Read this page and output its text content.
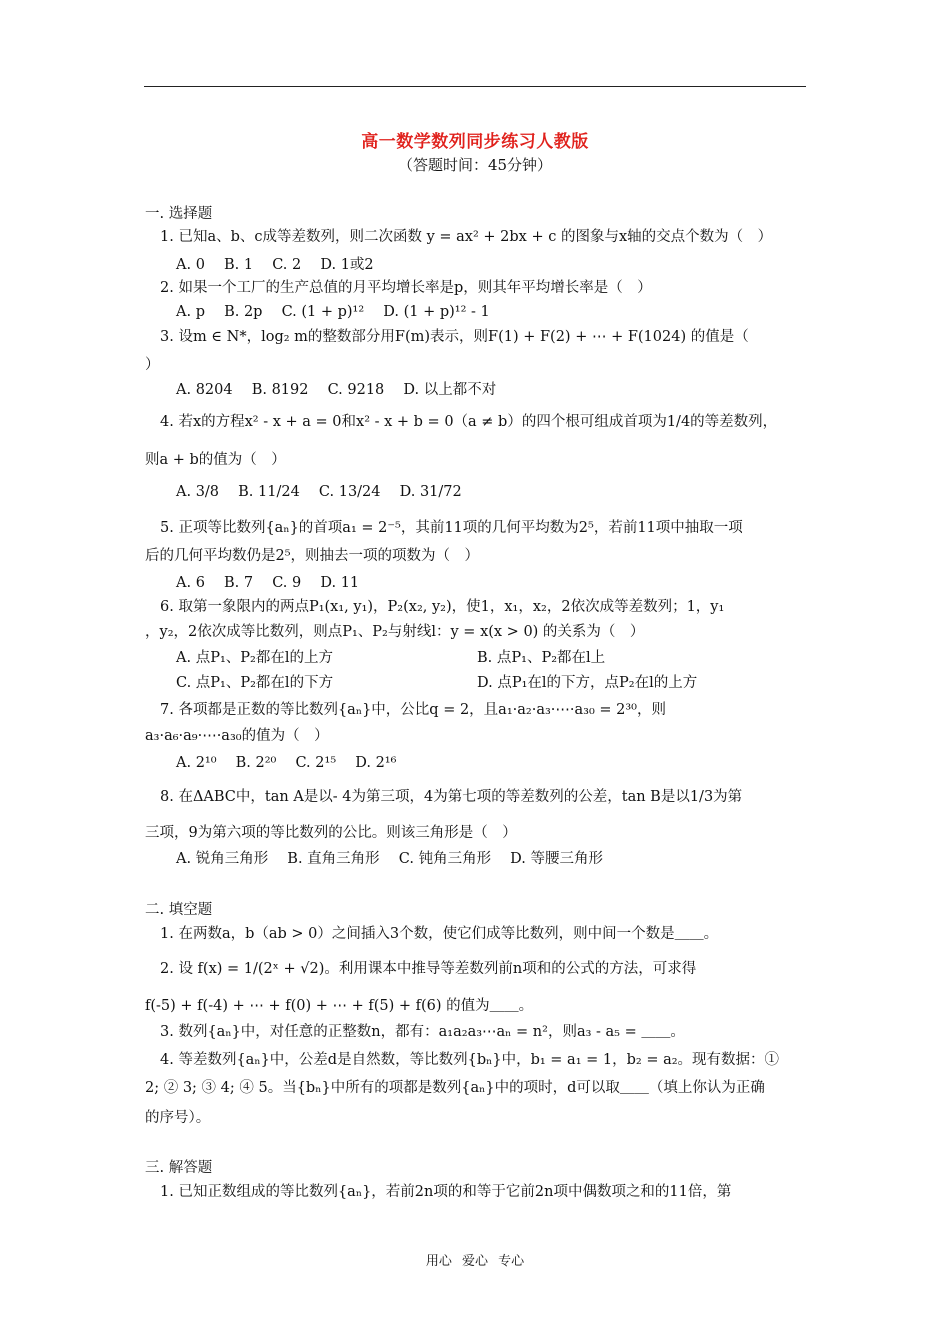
高一数学数列同步练习人教版
（答题时间：45分钟）
一. 选择题
1. 已知a、b、c成等差数列，则二次函数 y = ax² + 2bx + c 的图象与x轴的交点个数为（　）
A. 0　 B. 1　 C. 2　 D. 1或2
2. 如果一个工厂的生产总值的月平均增长率是p，则其年平均增长率是（　）
A. p　 B. 2p　 C. (1 + p)¹²　 D. (1 + p)¹² - 1
3. 设m ∈ N*，log₂ m的整数部分用F(m)表示，则F(1) + F(2) + ⋯ + F(1024) 的值是（
）
A. 8204　 B. 8192　 C. 9218　 D. 以上都不对
4. 若x的方程x² - x + a = 0和x² - x + b = 0（a ≠ b）的四个根可组成首项为1/4的等差数列，
则a + b的值为（　）
A. 3/8  B. 11/24  C. 13/24  D. 31/72
5. 正项等比数列{aₙ}的首项a₁ = 2⁻⁵，其前11项的几何平均数为2⁵，若前11项中抽取一项
后的几何平均数仍是2⁵，则抽去一项的项数为（　）
A. 6　 B. 7　 C. 9　 D. 11
6. 取第一象限内的两点P₁(x₁, y₁)，P₂(x₂, y₂)，使1，x₁，x₂，2依次成等差数列；1，y₁
，y₂，2依次成等比数列，则点P₁、P₂与射线l：y = x(x > 0) 的关系为（　）
A. 点P₁、P₂都在l的上方	B. 点P₁、P₂都在l上
C. 点P₁、P₂都在l的下方	D. 点P₁在l的下方，点P₂在l的上方
7. 各项都是正数的等比数列{aₙ}中，公比q = 2，且a₁·a₂·a₃·⋯·a₃₀ = 2³⁰，则
a₃·a₆·a₉·⋯·a₃₀的值为（　）
A. 2¹⁰　 B. 2²⁰　 C. 2¹⁵　 D. 2¹⁶
8. 在ΔABC中，tan A是以- 4为第三项，4为第七项的等差数列的公差，tan B是以1/3为第
三项，9为第六项的等比数列的公比。则该三角形是（　）
A. 锐角三角形　 B. 直角三角形　 C. 钝角三角形　 D. 等腰三角形
二. 填空题
1. 在两数a，b（ab > 0）之间插入3个数，使它们成等比数列，则中间一个数是＿＿。
2. 设 f(x) = 1/(2ˣ + √2)。利用课本中推导等差数列前n项和的公式的方法，可求得
f(-5) + f(-4) + ⋯ + f(0) + ⋯ + f(5) + f(6) 的值为＿＿。
3. 数列{aₙ}中，对任意的正整数n，都有：a₁a₂a₃⋯aₙ = n²，则a₃ - a₅ = ＿＿。
4. 等差数列{aₙ}中，公差d是自然数，等比数列{bₙ}中，b₁ = a₁ = 1，b₂ = a₂。现有数据：①
2; ② 3; ③ 4; ④ 5。当{bₙ}中所有的项都是数列{aₙ}中的项时，d可以取＿＿（填上你认为正确
的序号）。
三. 解答题
1. 已知正数组成的等比数列{aₙ}，若前2n项的和等于它前2n项中偶数项之和的11倍，第
用心 爱心 专心
